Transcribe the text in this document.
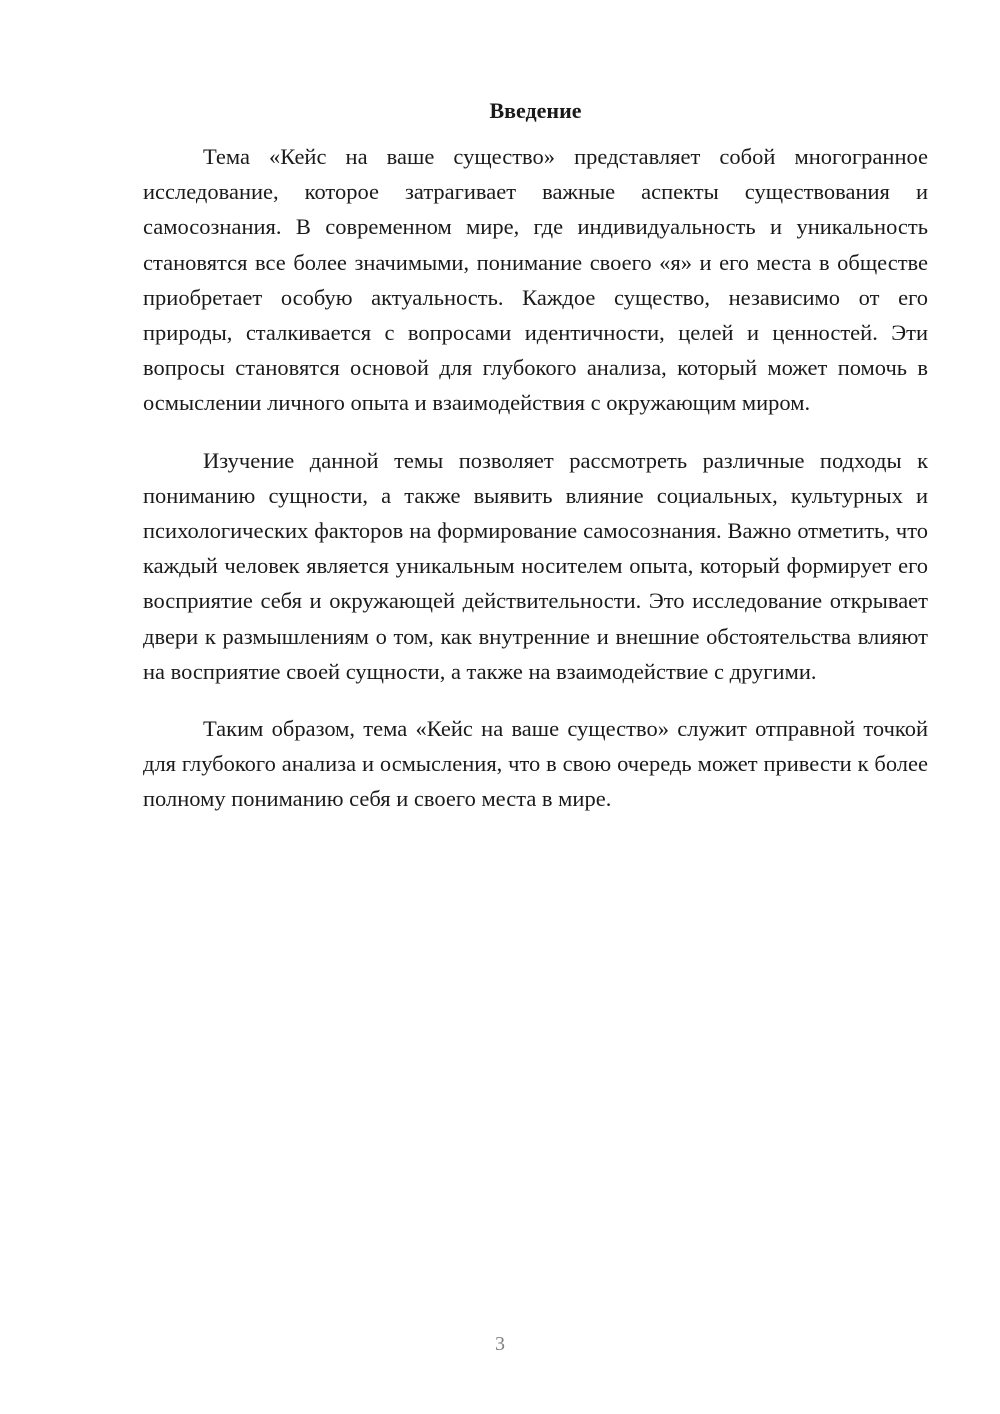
Введение

Тема «Кейс на ваше существо» представляет собой многогранное исследование, которое затрагивает важные аспекты существования и самосознания. В современном мире, где индивидуальность и уникальность становятся все более значимыми, понимание своего «я» и его места в обществе приобретает особую актуальность. Каждое существо, независимо от его природы, сталкивается с вопросами идентичности, целей и ценностей. Эти вопросы становятся основой для глубокого анализа, который может помочь в осмыслении личного опыта и взаимодействия с окружающим миром.

Изучение данной темы позволяет рассмотреть различные подходы к пониманию сущности, а также выявить влияние социальных, культурных и психологических факторов на формирование самосознания. Важно отметить, что каждый человек является уникальным носителем опыта, который формирует его восприятие себя и окружающей действительности. Это исследование открывает двери к размышлениям о том, как внутренние и внешние обстоятельства влияют на восприятие своей сущности, а также на взаимодействие с другими.

Таким образом, тема «Кейс на ваше существо» служит отправной точкой для глубокого анализа и осмысления, что в свою очередь может привести к более полному пониманию себя и своего места в мире.

3
